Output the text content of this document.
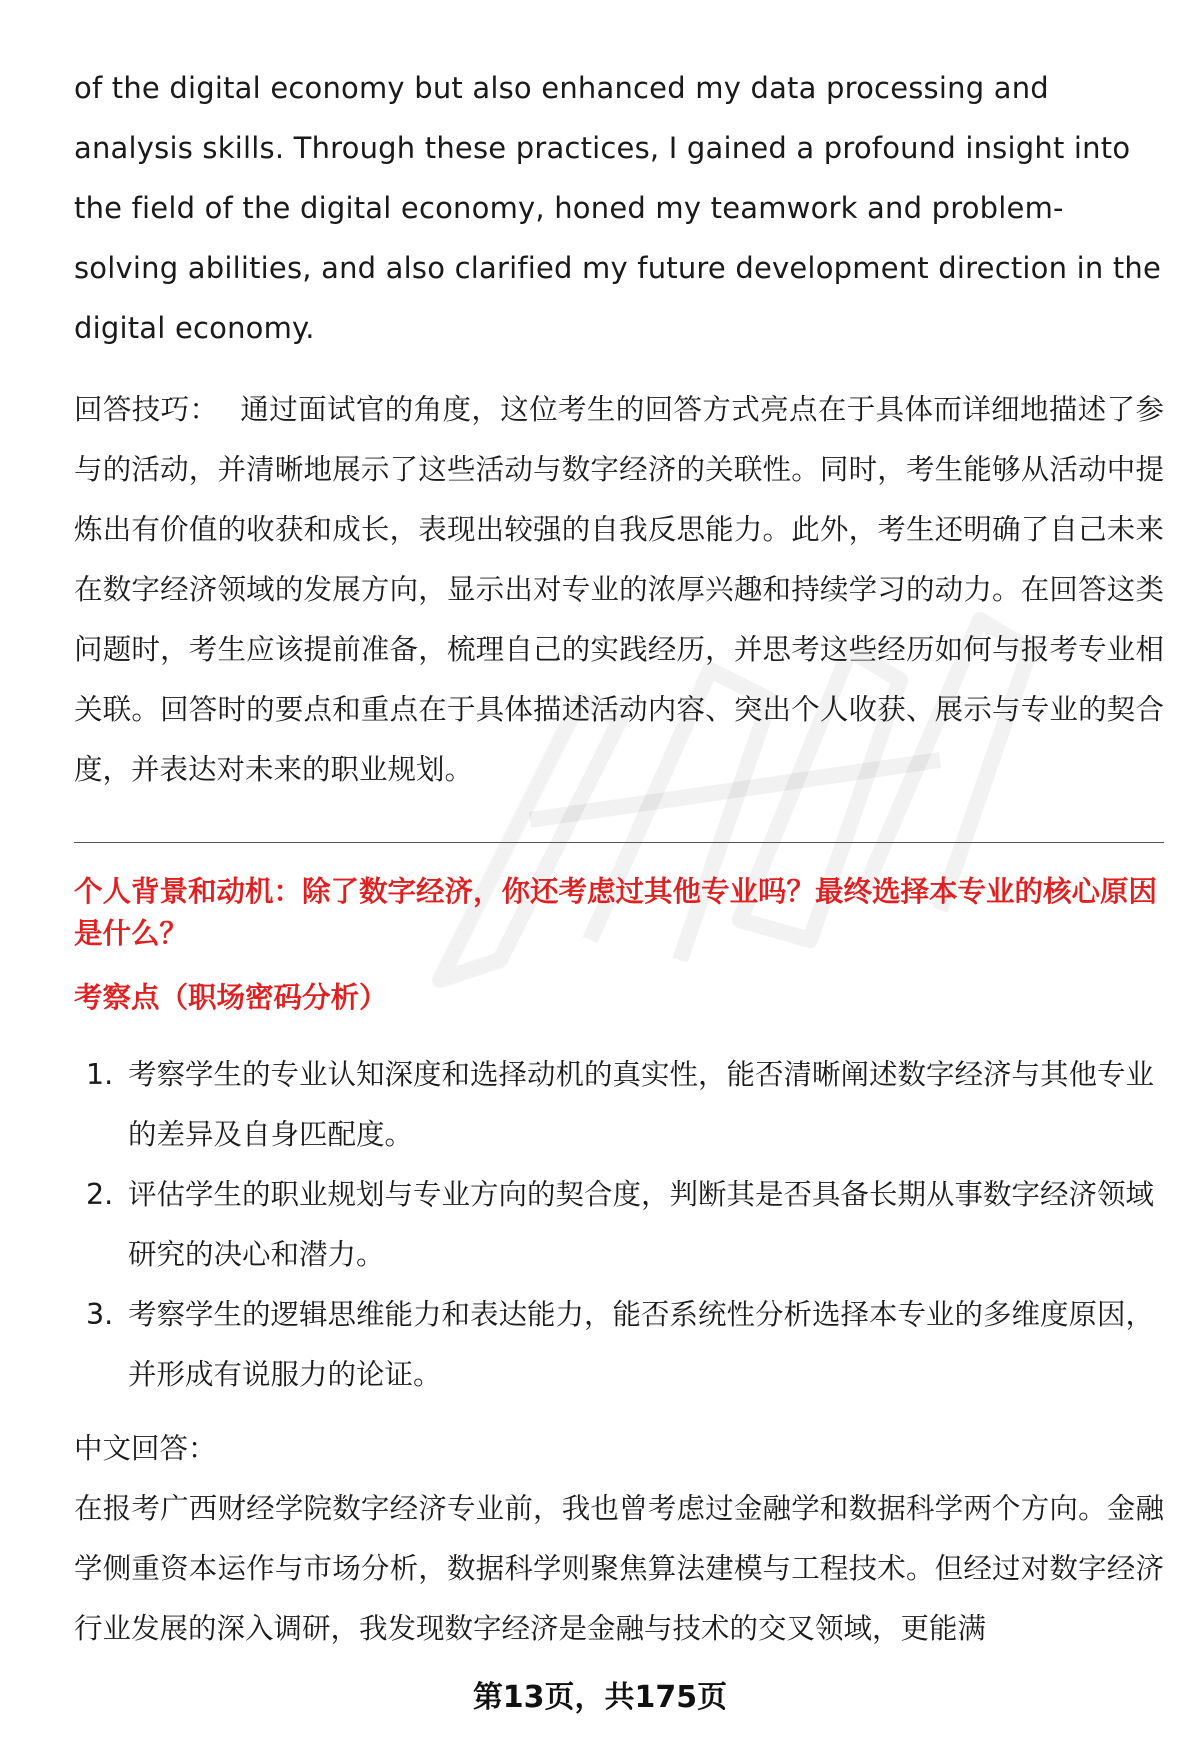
of the digital economy but also enhanced my data processing and analysis skills. Through these practices, I gained a profound insight into the field of the digital economy, honed my teamwork and problem-solving abilities, and also clarified my future development direction in the digital economy.

回答技巧： 通过面试官的角度，这位考生的回答方式亮点在于具体而详细地描述了参与的活动，并清晰地展示了这些活动与数字经济的关联性。同时，考生能够从活动中提炼出有价值的收获和成长，表现出较强的自我反思能力。此外，考生还明确了自己未来在数字经济领域的发展方向，显示出对专业的浓厚兴趣和持续学习的动力。在回答这类问题时，考生应该提前准备，梳理自己的实践经历，并思考这些经历如何与报考专业相关联。回答时的要点和重点在于具体描述活动内容、突出个人收获、展示与专业的契合度，并表达对未来的职业规划。

个人背景和动机：除了数字经济，你还考虑过其他专业吗？最终选择本专业的核心原因是什么？

考察点（职场密码分析）

1. 考察学生的专业认知深度和选择动机的真实性，能否清晰阐述数字经济与其他专业的差异及自身匹配度。
2. 评估学生的职业规划与专业方向的契合度，判断其是否具备长期从事数字经济领域研究的决心和潜力。
3. 考察学生的逻辑思维能力和表达能力，能否系统性分析选择本专业的多维度原因，并形成有说服力的论证。
中文回答：

在报考广西财经学院数字经济专业前，我也曾考虑过金融学和数据科学两个方向。金融学侧重资本运作与市场分析，数据科学则聚焦算法建模与工程技术。但经过对数字经济行业发展的深入调研，我发现数字经济是金融与技术的交叉领域，更能满

第13页，共175页
